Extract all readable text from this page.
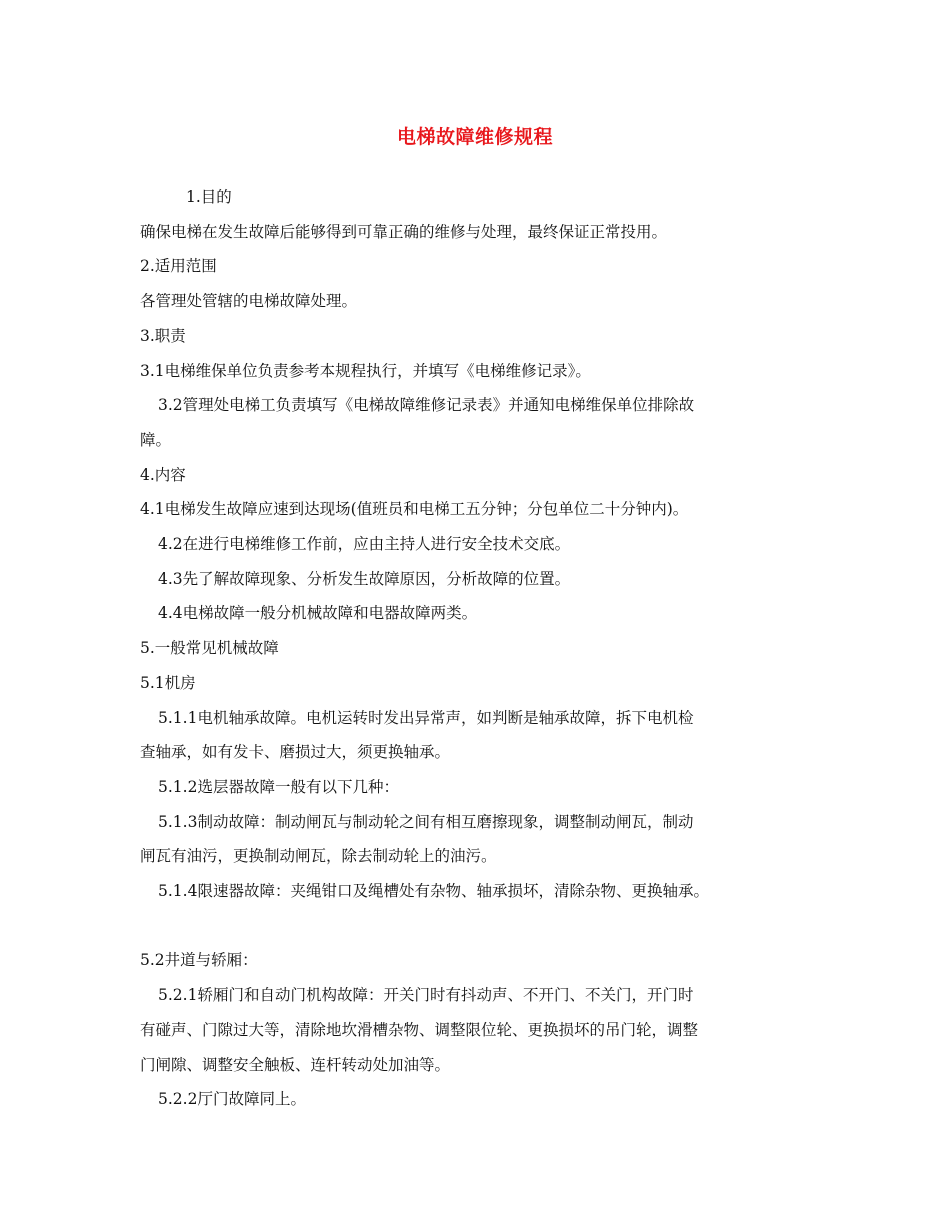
电梯故障维修规程
1.目的
确保电梯在发生故障后能够得到可靠正确的维修与处理，最终保证正常投用。
2.适用范围
各管理处管辖的电梯故障处理。
3.职责
3.1电梯维保单位负责参考本规程执行，并填写《电梯维修记录》。
3.2管理处电梯工负责填写《电梯故障维修记录表》并通知电梯维保单位排除故
障。
4.内容
4.1电梯发生故障应速到达现场(值班员和电梯工五分钟；分包单位二十分钟内)。
4.2在进行电梯维修工作前，应由主持人进行安全技术交底。
4.3先了解故障现象、分析发生故障原因，分析故障的位置。
4.4电梯故障一般分机械故障和电器故障两类。
5.一般常见机械故障
5.1机房
5.1.1电机轴承故障。电机运转时发出异常声，如判断是轴承故障，拆下电机检
查轴承，如有发卡、磨损过大，须更换轴承。
5.1.2选层器故障一般有以下几种：
5.1.3制动故障：制动闸瓦与制动轮之间有相互磨擦现象，调整制动闸瓦，制动
闸瓦有油污，更换制动闸瓦，除去制动轮上的油污。
5.1.4限速器故障：夹绳钳口及绳槽处有杂物、轴承损坏，清除杂物、更换轴承。
5.2井道与轿厢：
5.2.1轿厢门和自动门机构故障：开关门时有抖动声、不开门、不关门，开门时
有碰声、门隙过大等，清除地坎滑槽杂物、调整限位轮、更换损坏的吊门轮，调整
门闸隙、调整安全触板、连杆转动处加油等。
5.2.2厅门故障同上。
